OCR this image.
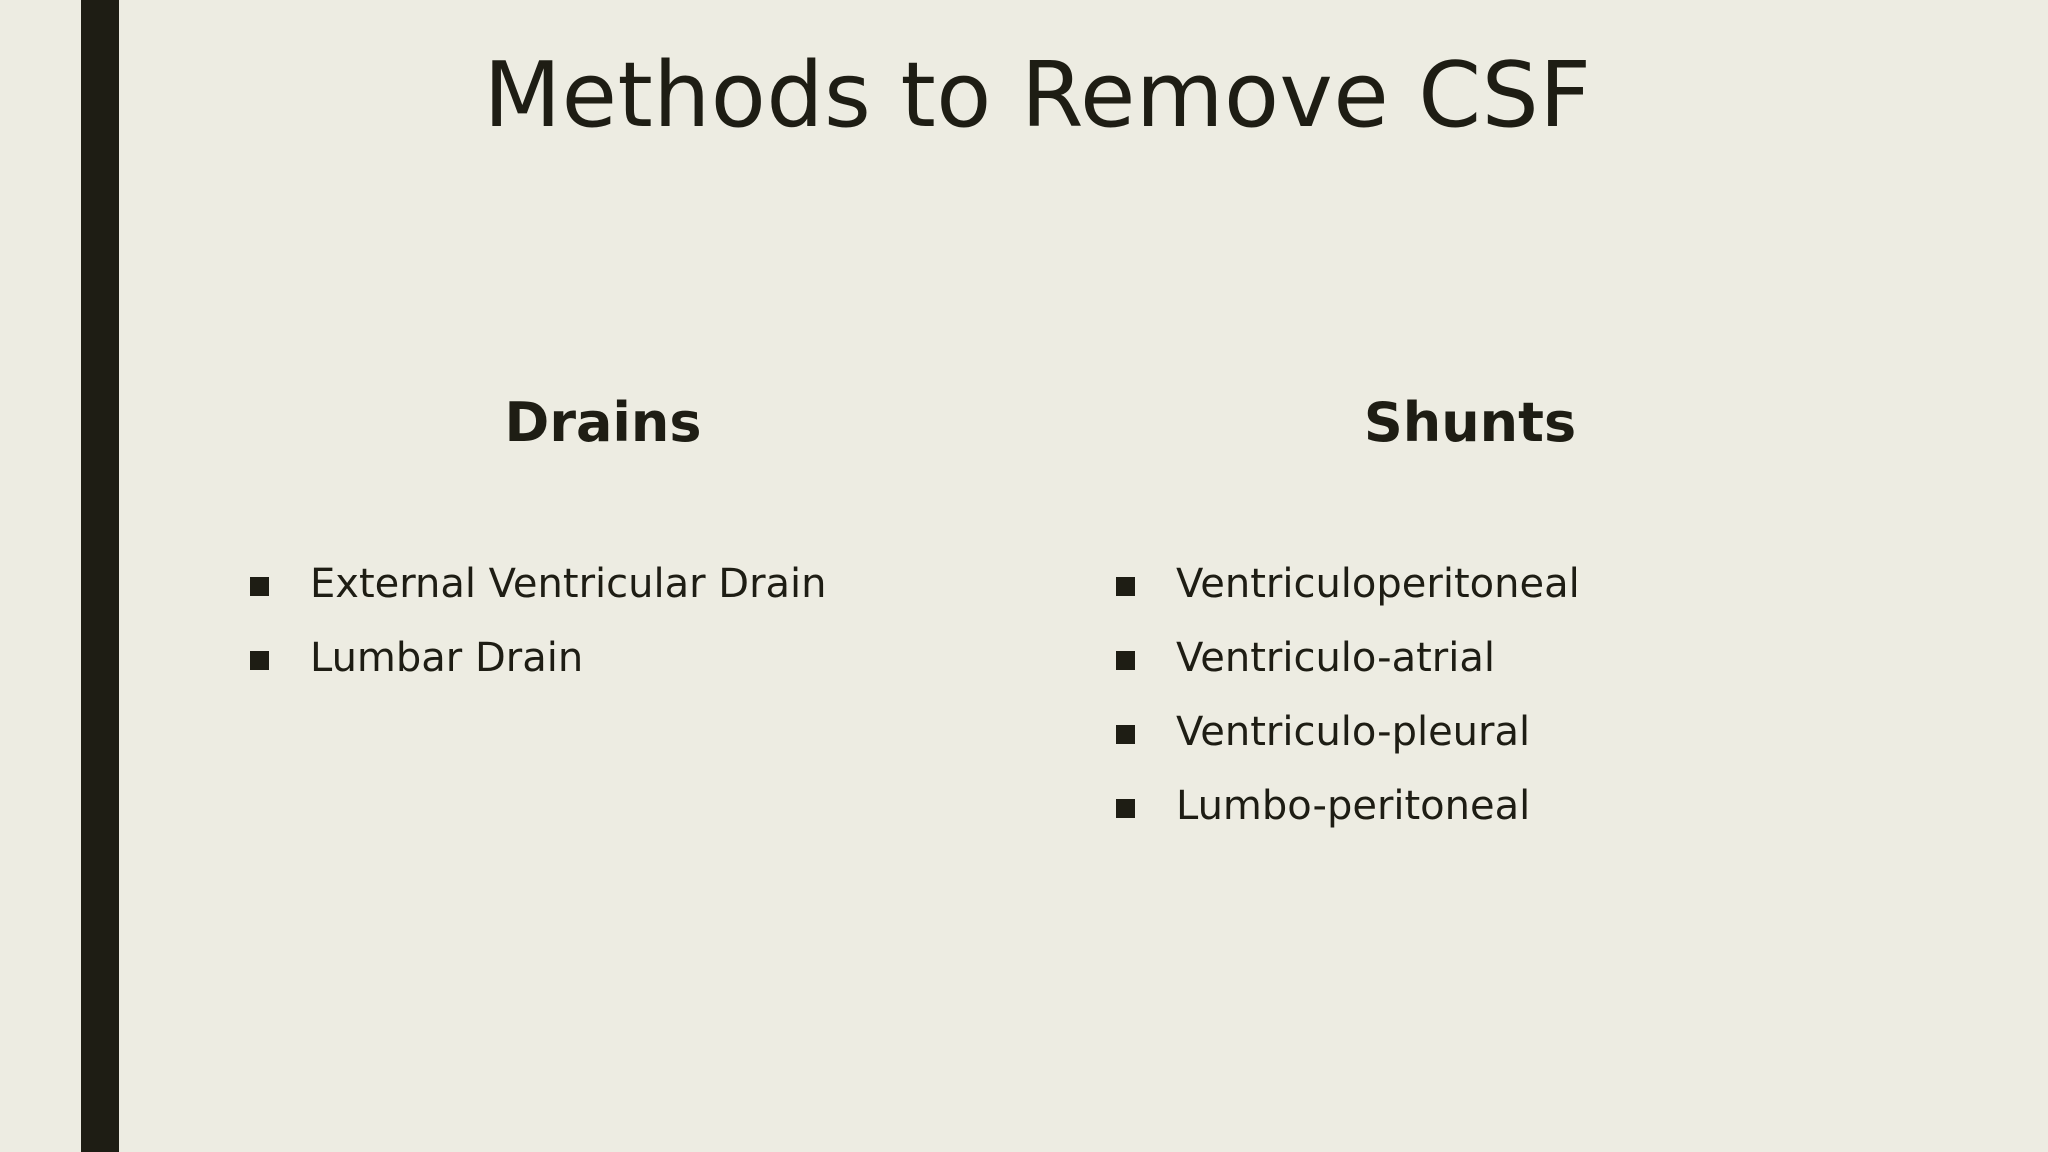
Methods to Remove CSF
Drains
External Ventricular Drain
Lumbar Drain
Shunts
Ventriculoperitoneal
Ventriculo-atrial
Ventriculo-pleural
Lumbo-peritoneal
